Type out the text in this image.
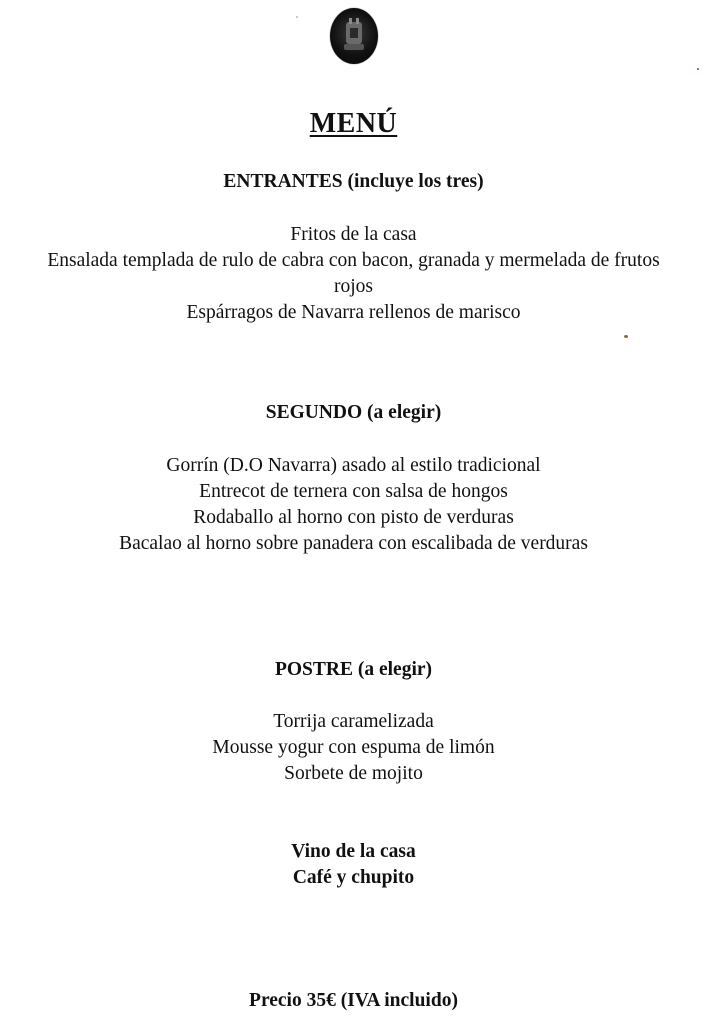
MENÚ
ENTRANTES (incluye los tres)
Fritos de la casa
Ensalada templada de rulo de cabra con bacon, granada y mermelada de frutos
rojos
Espárragos de Navarra rellenos de marisco
SEGUNDO (a elegir)
Gorrín (D.O Navarra) asado al estilo tradicional
Entrecot de ternera con salsa de hongos
Rodaballo al horno con pisto de verduras
Bacalao al horno sobre panadera con escalibada de verduras
POSTRE (a elegir)
Torrija caramelizada
Mousse yogur con espuma de limón
Sorbete de mojito
Vino de la casa
Café y chupito
Precio 35€ (IVA incluido)
